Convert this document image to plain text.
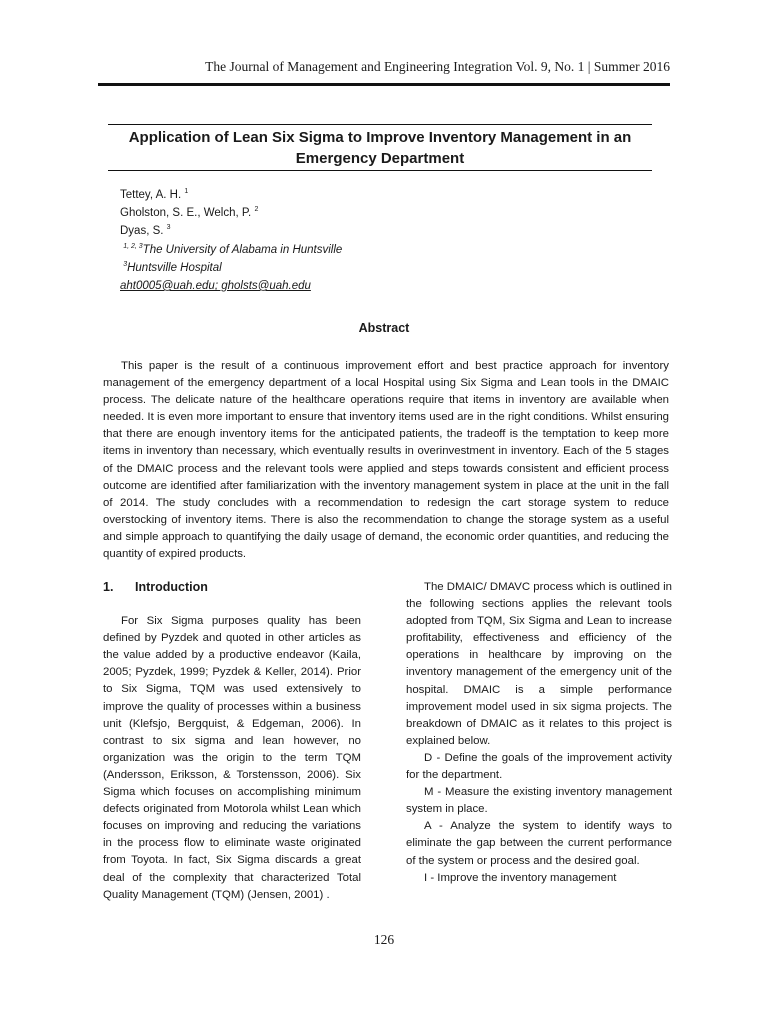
The Journal of Management and Engineering Integration Vol. 9, No. 1 | Summer 2016
Application of Lean Six Sigma to Improve Inventory Management in an
Emergency Department
Tettey, A. H. $^1$
Gholston, S. E., Welch, P. $^2$
Dyas, S. $^3$
$^{1, 2, 3}$The University of Alabama in Huntsville
$^3$Huntsville Hospital
aht0005@uah.edu; gholsts@uah.edu
Abstract

This paper is the result of a continuous improvement effort and best practice approach for inventory management of the emergency department of a local Hospital using Six Sigma and Lean tools in the DMAIC process. The delicate nature of the healthcare operations require that items in inventory are available when needed. It is even more important to ensure that inventory items used are in the right conditions. Whilst ensuring that there are enough inventory items for the anticipated patients, the tradeoff is the temptation to keep more items in inventory than necessary, which eventually results in overinvestment in inventory. Each of the 5 stages of the DMAIC process and the relevant tools were applied and steps towards consistent and efficient process outcome are identified after familiarization with the inventory management system in place at the unit in the fall of 2014. The study concludes with a recommendation to redesign the cart storage system to reduce overstocking of inventory items. There is also the recommendation to change the storage system as a useful and simple approach to quantifying the daily usage of demand, the economic order quantities, and reducing the quantity of expired products.

1.	Introduction

For Six Sigma purposes quality has been defined by Pyzdek and quoted in other articles as the value added by a productive endeavor (Kaila, 2005; Pyzdek, 1999; Pyzdek & Keller, 2014). Prior to Six Sigma, TQM was used extensively to improve the quality of processes within a business unit (Klefsjo, Bergquist, & Edgeman, 2006). In contrast to six sigma and lean however, no organization was the origin to the term TQM (Andersson, Eriksson, & Torstensson, 2006). Six Sigma which focuses on accomplishing minimum defects originated from Motorola whilst Lean which focuses on improving and reducing the variations in the process flow to eliminate waste originated from Toyota. In fact, Six Sigma discards a great deal of the complexity that characterized Total Quality Management (TQM) (Jensen, 2001) .

The DMAIC/ DMAVC process which is outlined in the following sections applies the relevant tools adopted from TQM, Six Sigma and Lean to increase profitability, effectiveness and efficiency of the operations in healthcare by improving on the inventory management of the emergency unit of the hospital. DMAIC is a simple performance improvement model used in six sigma projects. The breakdown of DMAIC as it relates to this project is explained below.

D - Define the goals of the improvement activity for the department.

M - Measure the existing inventory management system in place.

A - Analyze the system to identify ways to eliminate the gap between the current performance of the system or process and the desired goal.

I - Improve the inventory management

126
